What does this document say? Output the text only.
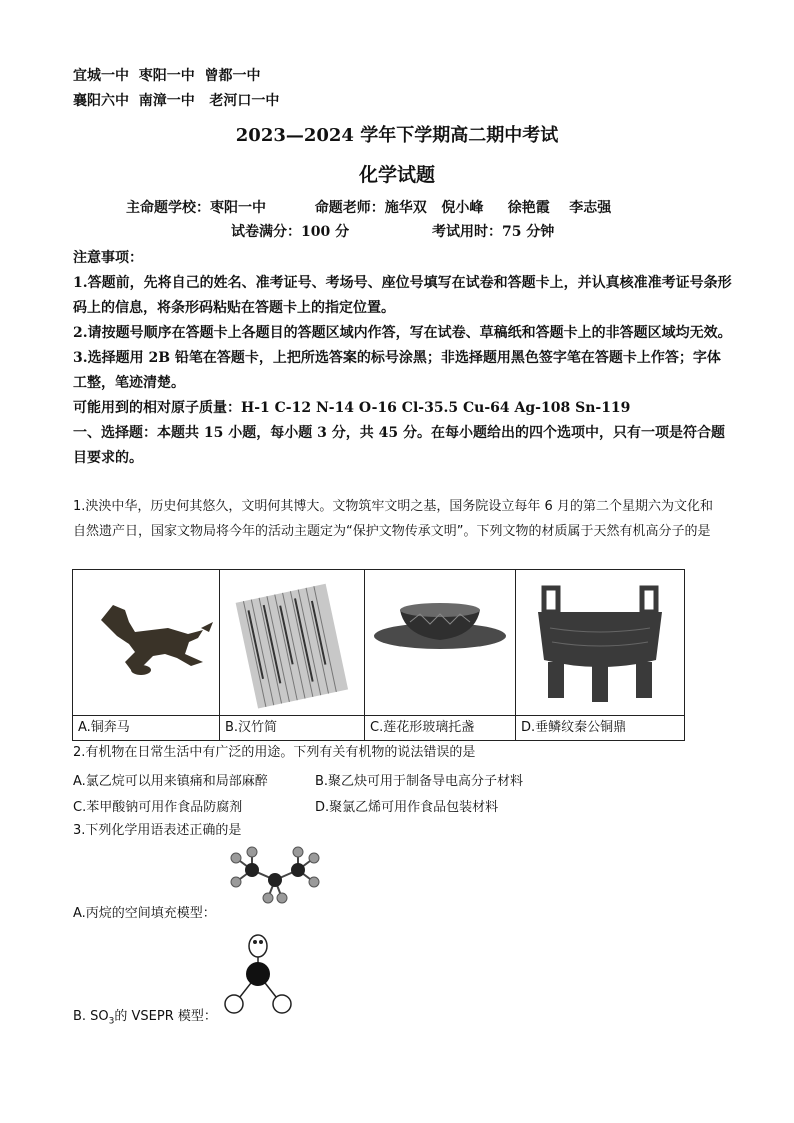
宜城一中  枣阳一中  曾都一中
襄阳六中  南漳一中   老河口一中
2023—2024 学年下学期高二期中考试
化学试题
主命题学校：枣阳一中          命题老师：施华双   倪小峰     徐艳霞    李志强
试卷满分：100 分                 考试用时：75 分钟
注意事项：
1.答题前，先将自己的姓名、准考证号、考场号、座位号填写在试卷和答题卡上，并认真核准准考证号条形码上的信息，将条形码粘贴在答题卡上的指定位置。
2.请按题号顺序在答题卡上各题目的答题区域内作答，写在试卷、草稿纸和答题卡上的非答题区域均无效。
3.选择题用 2B 铅笔在答题卡，上把所选答案的标号涂黑；非选择题用黑色签字笔在答题卡上作答；字体工整，笔迹清楚。
可能用到的相对原子质量：H-1 C-12 N-14 O-16 Cl-35.5 Cu-64 Ag-108 Sn-119
一、选择题：本题共 15 小题，每小题 3 分，共 45 分。在每小题给出的四个选项中，只有一项是符合题目要求的。
1.泱泱中华，历史何其悠久，文明何其博大。文物筑牢文明之基，国务院设立每年 6 月的第二个星期六为文化和自然遗产日，国家文物局将今年的活动主题定为“保护文物传承文明”。下列文物的材质属于天然有机高分子的是

A.铜奔马	B.汉竹简	C.莲花形玻璃托盏	D.垂鳞纹秦公铜鼎
2.有机物在日常生活中有广泛的用途。下列有关有机物的说法错误的是
A.氯乙烷可以用来镇痛和局部麻醉	B.聚乙炔可用于制备导电高分子材料
C.苯甲酸钠可用作食品防腐剂	D.聚氯乙烯可用作食品包装材料
3.下列化学用语表述正确的是
A.丙烷的空间填充模型：
B. $SO_3$的 VSEPR 模型：
